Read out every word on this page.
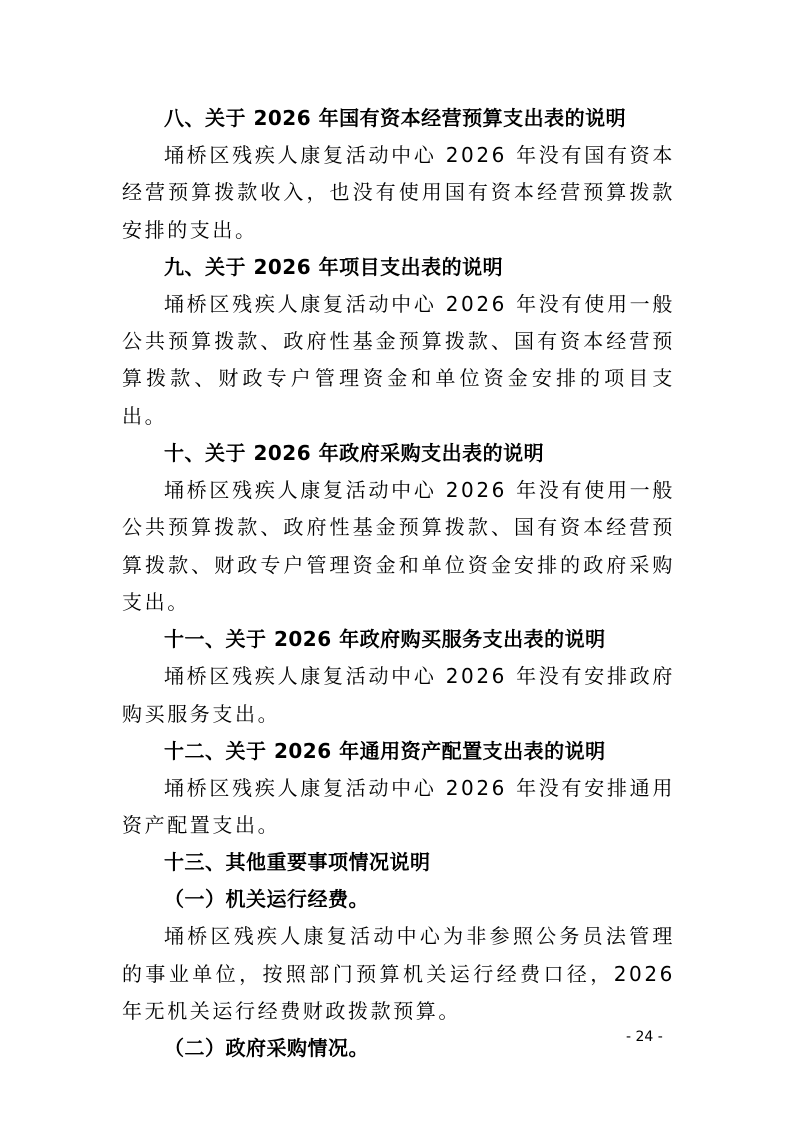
八、关于 2026 年国有资本经营预算支出表的说明

埇桥区残疾人康复活动中心 2026 年没有国有资本经营预算拨款收入，也没有使用国有资本经营预算拨款安排的支出。

九、关于 2026 年项目支出表的说明

埇桥区残疾人康复活动中心 2026 年没有使用一般公共预算拨款、政府性基金预算拨款、国有资本经营预算拨款、财政专户管理资金和单位资金安排的项目支出。

十、关于 2026 年政府采购支出表的说明

埇桥区残疾人康复活动中心 2026 年没有使用一般公共预算拨款、政府性基金预算拨款、国有资本经营预算拨款、财政专户管理资金和单位资金安排的政府采购支出。

十一、关于 2026 年政府购买服务支出表的说明

埇桥区残疾人康复活动中心 2026 年没有安排政府购买服务支出。

十二、关于 2026 年通用资产配置支出表的说明

埇桥区残疾人康复活动中心 2026 年没有安排通用资产配置支出。

十三、其他重要事项情况说明
（一）机关运行经费。

埇桥区残疾人康复活动中心为非参照公务员法管理的事业单位，按照部门预算机关运行经费口径，2026 年无机关运行经费财政拨款预算。

（二）政府采购情况。	- 24 -
